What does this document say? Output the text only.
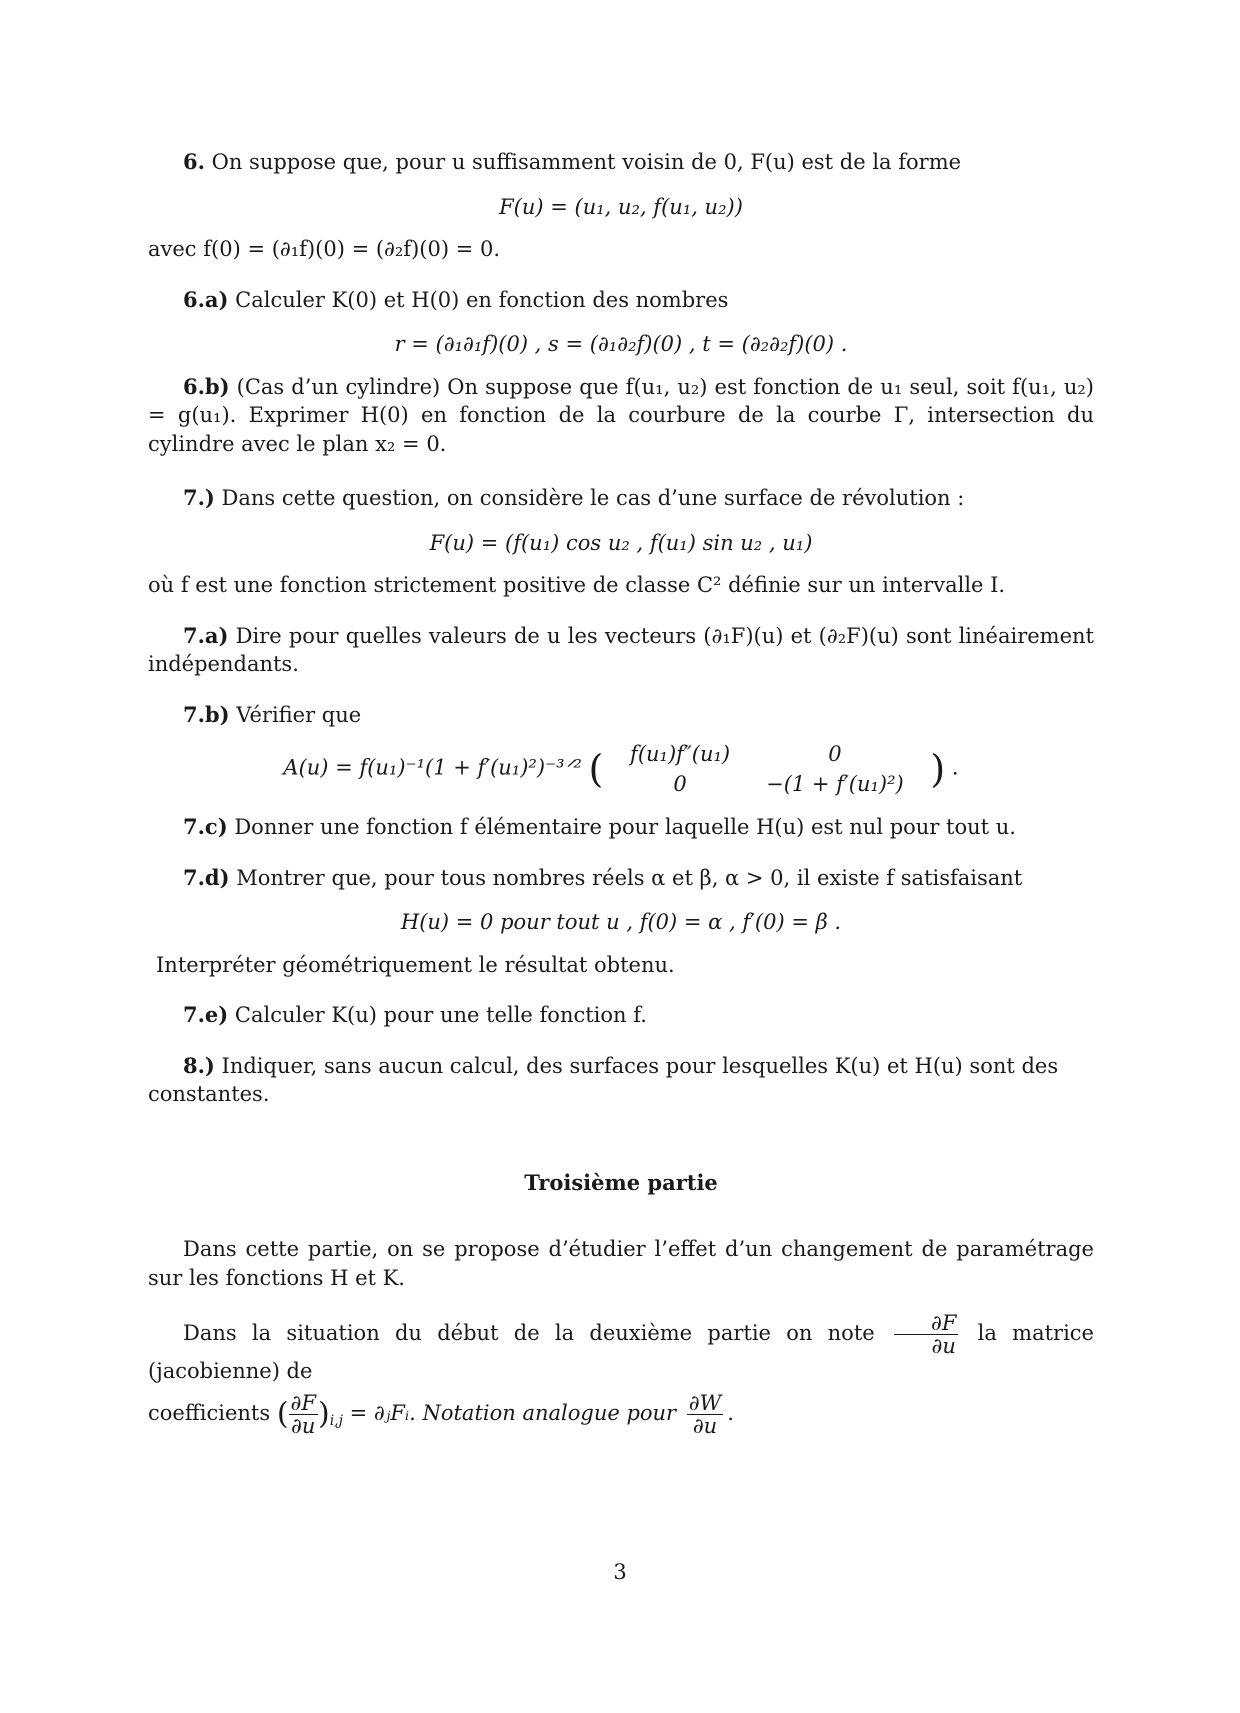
6. On suppose que, pour u suffisamment voisin de 0, F(u) est de la forme

F(u) = (u₁, u₂, f(u₁, u₂))

avec f(0) = (∂₁f)(0) = (∂₂f)(0) = 0.

6.a) Calculer K(0) et H(0) en fonction des nombres

r = (∂₁∂₁f)(0) , s = (∂₁∂₂f)(0) , t = (∂₂∂₂f)(0) .

6.b) (Cas d’un cylindre) On suppose que f(u₁, u₂) est fonction de u₁ seul, soit f(u₁, u₂) = g(u₁). Exprimer H(0) en fonction de la courbure de la courbe Γ, intersection du cylindre avec le plan x₂ = 0.

7.) Dans cette question, on considère le cas d’une surface de révolution :

F(u) = (f(u₁) cos u₂ , f(u₁) sin u₂ , u₁)

où f est une fonction strictement positive de classe C² définie sur un intervalle I.

7.a) Dire pour quelles valeurs de u les vecteurs (∂₁F)(u) et (∂₂F)(u) sont linéairement indépendants.

7.b) Vérifier que

A(u) = f(u₁)⁻¹(1 + f′(u₁)²)⁻³ᐟ² ( f(u₁)f″(u₁)	0
0	−(1 + f′(u₁)²) ) .

7.c) Donner une fonction f élémentaire pour laquelle H(u) est nul pour tout u.

7.d) Montrer que, pour tous nombres réels α et β, α > 0, il existe f satisfaisant

H(u) = 0 pour tout u , f(0) = α , f′(0) = β .

Interpréter géométriquement le résultat obtenu.

7.e) Calculer K(u) pour une telle fonction f.

8.) Indiquer, sans aucun calcul, des surfaces pour lesquelles K(u) et H(u) sont des constantes.

Troisième partie

Dans cette partie, on se propose d’étudier l’effet d’un changement de paramétrage sur les fonctions H et K.

Dans la situation du début de la deuxième partie on note $\frac{\partial F}{\partial u}$ la matrice (jacobienne) de

coefficients ( $\frac{\partial F}{\partial u} )_{i,j}$ = ∂ⱼFᵢ. Notation analogue pour $\frac{\partial W}{\partial u}$ .

3
